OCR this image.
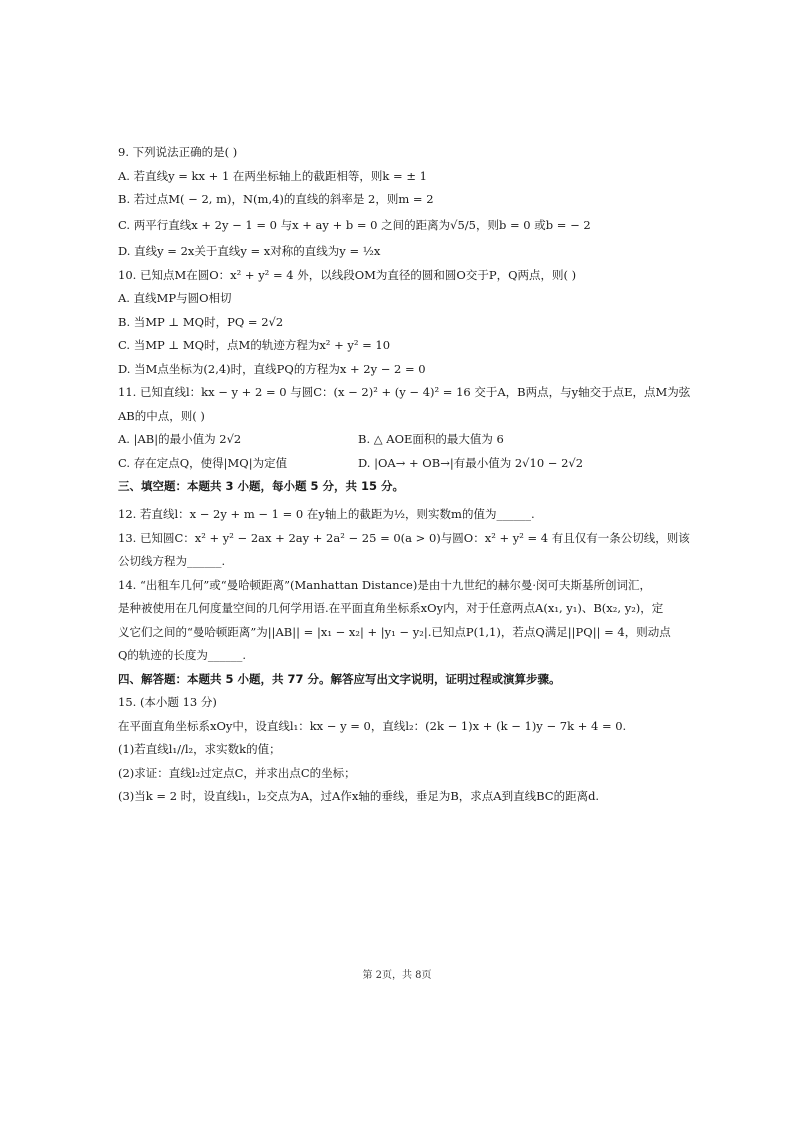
9. 下列说法正确的是( )
A. 若直线y = kx + 1 在两坐标轴上的截距相等，则k = ± 1
B. 若过点M( − 2, m)，N(m,4)的直线的斜率是 2，则m = 2
C. 两平行直线x + 2y − 1 = 0 与x + ay + b = 0 之间的距离为√5/5，则b = 0 或b = − 2
D. 直线y = 2x关于直线y = x对称的直线为y = ½x
10. 已知点M在圆O：x² + y² = 4 外，以线段OM为直径的圆和圆O交于P，Q两点，则( )
A. 直线MP与圆O相切
B. 当MP ⊥ MQ时，PQ = 2√2
C. 当MP ⊥ MQ时，点M的轨迹方程为x² + y² = 10
D. 当M点坐标为(2,4)时，直线PQ的方程为x + 2y − 2 = 0
11. 已知直线l：kx − y + 2 = 0 与圆C：(x − 2)² + (y − 4)² = 16 交于A，B两点，与y轴交于点E，点M为弦
AB的中点，则( )
A. |AB|的最小值为 2√2	B. △ AOE面积的最大值为 6
C. 存在定点Q，使得|MQ|为定值	D. |OA→ + OB→|有最小值为 2√10 − 2√2
三、填空题：本题共 3 小题，每小题 5 分，共 15 分。
12. 若直线l：x − 2y + m − 1 = 0 在y轴上的截距为½，则实数m的值为______.
13. 已知圆C：x² + y² − 2ax + 2ay + 2a² − 25 = 0(a > 0)与圆O：x² + y² = 4 有且仅有一条公切线，则该
公切线方程为______.
14. “出租车几何”或“曼哈顿距离”(Manhattan Distance)是由十九世纪的赫尔曼·闵可夫斯基所创词汇，
是种被使用在几何度量空间的几何学用语.在平面直角坐标系xOy内，对于任意两点A(x₁, y₁)、B(x₂, y₂)，定
义它们之间的“曼哈顿距离”为||AB|| = |x₁ − x₂| + |y₁ − y₂|.已知点P(1,1)，若点Q满足||PQ|| = 4，则动点
Q的轨迹的长度为______.
四、解答题：本题共 5 小题，共 77 分。解答应写出文字说明，证明过程或演算步骤。
15. (本小题 13 分)
在平面直角坐标系xOy中，设直线l₁：kx − y = 0，直线l₂：(2k − 1)x + (k − 1)y − 7k + 4 = 0.
(1)若直线l₁//l₂，求实数k的值；
(2)求证：直线l₂过定点C，并求出点C的坐标；
(3)当k = 2 时，设直线l₁，l₂交点为A，过A作x轴的垂线，垂足为B，求点A到直线BC的距离d.
第 2页，共 8页
